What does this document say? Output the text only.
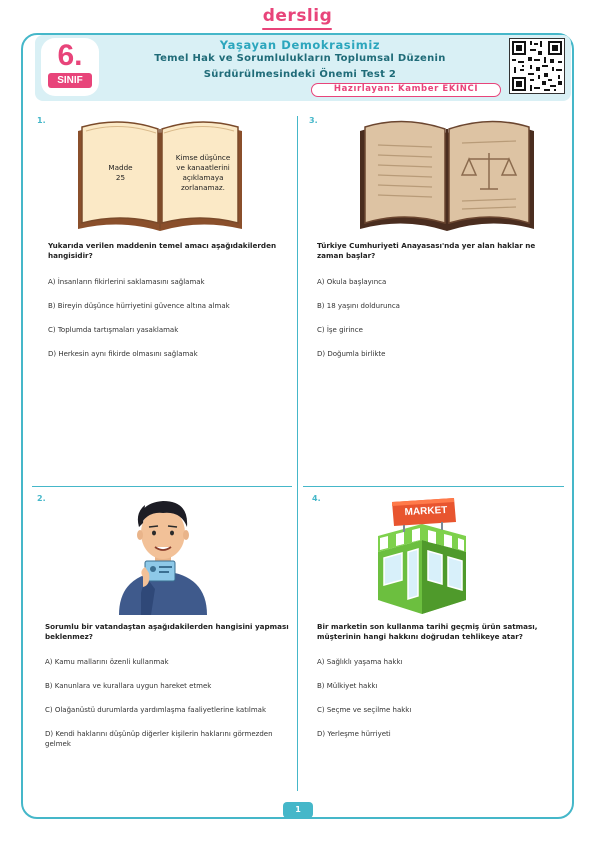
derslig
6.
SINIF
Yaşayan Demokrasimiz
Temel Hak ve Sorumlulukların Toplumsal Düzenin
Sürdürülmesindeki Önemi Test 2
Hazırlayan: Kamber EKİNCİ
1.
Madde
25
Kimse düşünce
ve kanaatlerini
açıklamaya
zorlanamaz.
Yukarıda verilen maddenin temel amacı aşağıdakilerden hangisidir?
A) İnsanların fikirlerini saklamasını sağlamak
B) Bireyin düşünce hürriyetini güvence altına almak
C) Toplumda tartışmaları yasaklamak
D) Herkesin aynı fikirde olmasını sağlamak
3.
Türkiye Cumhuriyeti Anayasası'nda yer alan haklar ne zaman başlar?
A) Okula başlayınca
B) 18 yaşını doldurunca
C) İşe girince
D) Doğumla birlikte
2.
Sorumlu bir vatandaştan aşağıdakilerden hangisini yapması beklenmez?
A) Kamu mallarını özenli kullanmak
B) Kanunlara ve kurallara uygun hareket etmek
C) Olağanüstü durumlarda yardımlaşma faaliyetlerine katılmak
D) Kendi haklarını düşünüp diğerler kişilerin haklarını görmezden gelmek
4.
MARKET
Bir marketin son kullanma tarihi geçmiş ürün satması, müşterinin hangi hakkını doğrudan tehlikeye atar?
A) Sağlıklı yaşama hakkı
B) Mülkiyet hakkı
C) Seçme ve seçilme hakkı
D) Yerleşme hürriyeti
1
